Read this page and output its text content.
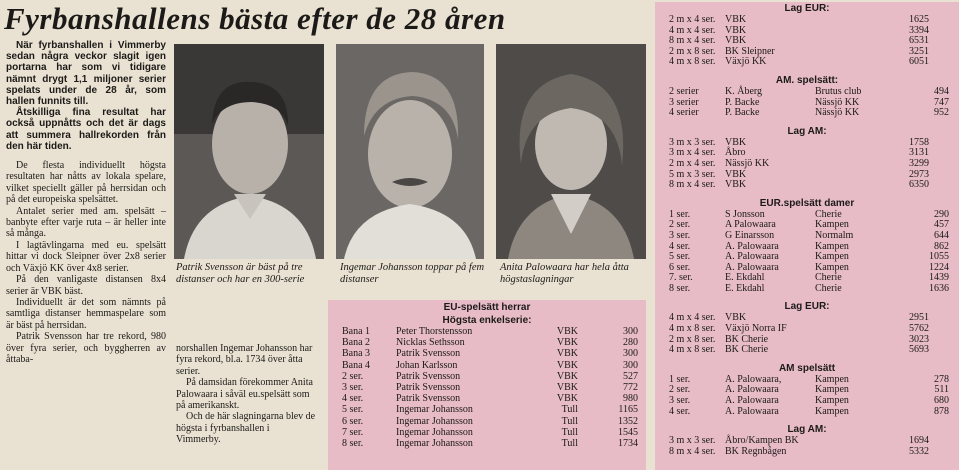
Fyrbanshallens bästa efter de 28 åren

När fyrbanshallen i Vimmerby sedan några veckor slagit igen portarna har som vi tidigare nämnt drygt 1,1 miljoner serier spelats under de 28 år, som hallen funnits till.

Åtskilliga fina resultat har också uppnåtts och det är dags att summera hallrekorden från den här tiden.

De flesta individuellt högsta resultaten har nåtts av lokala spelare, vilket speciellt gäller på herrsidan och på det europeiska spelsättet.

Antalet serier med am. spelsätt – banbyte efter varje ruta – är heller inte så många.

I lagtävlingarna med eu. spelsätt hittar vi dock Sleipner över 2x8 serier och Växjö KK över 4x8 serier.

På den vanligaste distansen 8x4 serier är VBK bäst.

Individuellt är det som nämnts på samtliga distanser hemmaspelare som är bäst på herrsidan.

Patrik Svensson har tre rekord, 980 över fyra serier, och byggherren av åttaba-

Patrik Svensson är bäst på tre distanser och har en 300-serie
Ingemar Johansson toppar på fem distanser
Anita Palowaara har hela åtta högstaslagningar

norshallen Ingemar Johansson har fyra rekord, bl.a. 1734 över åtta serier.

På damsidan förekommer Anita Palowaara i såväl eu.spelsätt som på amerikanskt.

Och de här slagningarna blev de högsta i fyrbanshallen i Vimmerby.

EU-spelsätt herrar
Högsta enkelserie:
Bana 1	Peter Thorstensson	VBK	300
Bana 2	Nicklas Sethsson	VBK	280
Bana 3	Patrik Svensson	VBK	300
Bana 4	Johan Karlsson	VBK	300
2 ser.	Patrik Svensson	VBK	527
3 ser.	Patrik Svensson	VBK	772
4 ser.	Patrik Svensson	VBK	980
5 ser.	Ingemar Johansson	Tull	1165
6 ser.	Ingemar Johansson	Tull	1352
7 ser.	Ingemar Johansson	Tull	1545
8 ser.	Ingemar Johansson	Tull	1734
Lag EUR:
2 m x 4 ser. VBK	1625
4 m x 4 ser. VBK	3394
8 m x 4 ser. VBK	6531
2 m x 8 ser. BK Sleipner	3251
4 m x 8 ser. Växjö KK	6051
AM. spelsätt:
2 serier	K. Åberg	Brutus club	494
3 serier	P. Backe	Nässjö KK	747
4 serier	P. Backe	Nässjö KK	952
Lag AM:
3 m x 3 ser. VBK	1758
3 m x 4 ser. Åbro	3131
2 m x 4 ser. Nässjö KK	3299
5 m x 3 ser. VBK	2973
8 m x 4 ser. VBK	6350
EUR.spelsätt damer
1 ser.	S Jonsson	Cherie	290
2 ser.	A Palowaara	Kampen	457
3 ser.	G Einarsson	Normalm	644
4 ser.	A. Palowaara	Kampen	862
5 ser.	A. Palowaara	Kampen	1055
6 ser.	A. Palowaara	Kampen	1224
7. ser.	E. Ekdahl	Cherie	1439
8 ser.	E. Ekdahl	Cherie	1636
Lag EUR:
4 m x 4 ser. VBK	2951
4 m x 8 ser. Växjö Norra IF	5762
2 m x 8 ser. BK Cherie	3023
4 m x 8 ser. BK Cherie	5693
AM spelsätt
1 ser.	A. Palowaara,	Kampen	278
2 ser.	A. Palowaara	Kampen	511
3 ser.	A. Palowaara	Kampen	680
4 ser.	A. Palowaara	Kampen	878
Lag AM:
3 m x 3 ser. Åbro/Kampen BK	1694
8 m x 4 ser. BK Regnbågen	5332
